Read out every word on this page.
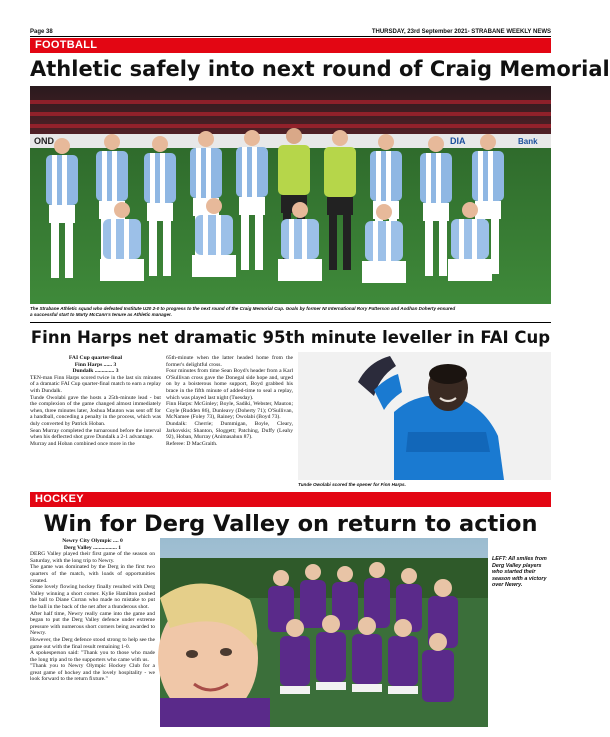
Page 38	THURSDAY, 23rd September 2021- STRABANE WEEKLY NEWS
FOOTBALL
Athletic safely into next round of Craig Memorial
OND	DIA	Bank
The Strabane Athletic squad who defeated Institute U20 2-0 to progress to the next round of the Craig Memorial Cup. Goals by former NI International Rory Patterson and Aodhan Doherty ensured
a successful start to Marty McCann's tenure as Athletic manager.
Finn Harps net dramatic 95th minute leveller in FAI Cup
FAI Cup quarter-final
Finn Harps ...... 3
Dundalk .............. 3

TEN-man Finn Harps scored twice in the last six minutes of a dramatic FAI Cup quarter-final match to earn a replay with Dundalk.

Tunde Owolabi gave the hosts a 25th-minute lead - but the complexion of the game changed almost immediately when, three minutes later, Joshua Mauton was sent off for a handball, conceding a penalty in the process, which was duly converted by Patrick Hoban.

Sean Murray completed the turnaround before the interval when his deflected shot gave Dundalk a 2-1 advantage.

Murray and Hoban combined once more in the

65th-minute when the latter headed home from the former's delightful cross.

Four minutes from time Sean Boyd's header from a Karl O'Sullivan cross gave the Donegal side hope and, urged on by a boisterous home support, Boyd grabbed his brace in the fifth minute of added-time to seal a replay, which was played last night (Tuesday).

Finn Harps: McGinley; Boyle, Sadiki, Webster, Mauton; Coyle (Rudden 86), Dunleavy (Doherty 71); O'Sullivan, McNamee (Foley 73), Rainey; Owolabi (Boyd 73).

Dundalk: Cherrie; Dummigan, Boyle, Cleary, Jarkovskis; Shanton, Sloggett; Patching, Duffy (Leahy 92), Hoban, Murray (Animasahun 87).

Referee: D MacGraith.

Tunde Owolabi scored the opener for Finn Harps.
HOCKEY
Win for Derg Valley on return to action
Newry City Olympic .... 0
Derg Valley ................. 1

DERG Valley played their first game of the season on Saturday, with the long trip to Newry.

The game was dominated by the Derg in the first two quarters of the match, with loads of opportunities created.

Some lovely flowing hockey finally resulted with Derg Valley winning a short corner. Kylie Hamilton pushed the ball to Diane Curran who made no mistake to put the ball in the back of the net after a thunderous shot.

After half time, Newry really came into the game and began to put the Derg Valley defence under extreme pressure with numerous short corners being awarded to Newry.

However, the Derg defence stood strong to help see the game out with the final result remaining 1-0.

A spokesperson said: "Thank you to those who made the long trip and to the supporters who came with us.

"Thank you to Newry Olympic Hockey Club for a great game of hockey and the lovely hospitality - we look forward to the return fixture."

LEFT: All smiles from Derg Valley players who started their season with a victory over Newry.
